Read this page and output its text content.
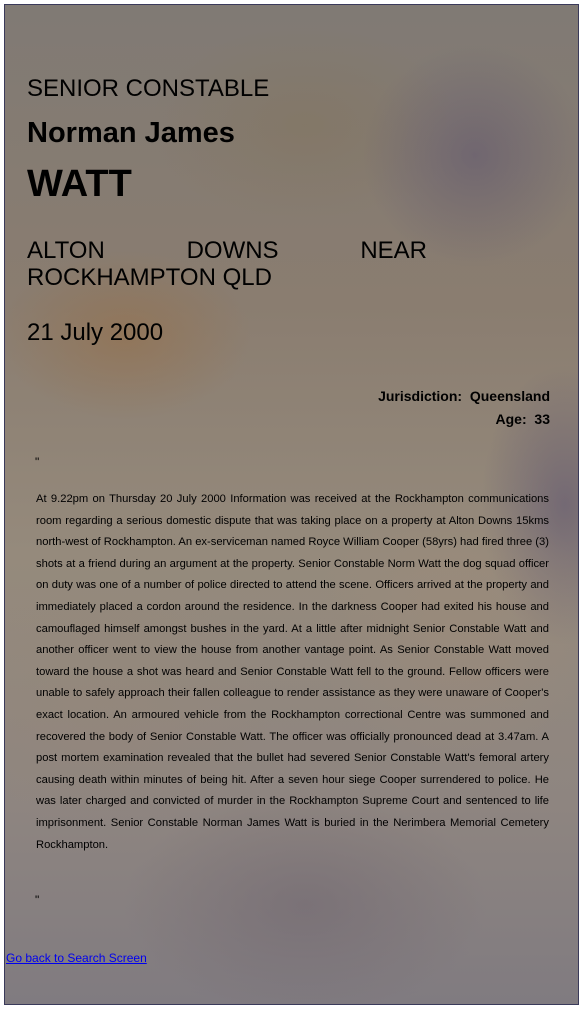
SENIOR CONSTABLE
Norman James
WATT

ALTON DOWNS NEAR ROCKHAMPTON QLD

21 July 2000

Jurisdiction: Queensland
Age: 33
"

At 9.22pm on Thursday 20 July 2000 Information was received at the Rockhampton communications room regarding a serious domestic dispute that was taking place on a property at Alton Downs 15kms north-west of Rockhampton. An ex-serviceman named Royce William Cooper (58yrs) had fired three (3) shots at a friend during an argument at the property. Senior Constable Norm Watt the dog squad officer on duty was one of a number of police directed to attend the scene. Officers arrived at the property and immediately placed a cordon around the residence. In the darkness Cooper had exited his house and camouflaged himself amongst bushes in the yard. At a little after midnight Senior Constable Watt and another officer went to view the house from another vantage point. As Senior Constable Watt moved toward the house a shot was heard and Senior Constable Watt fell to the ground. Fellow officers were unable to safely approach their fallen colleague to render assistance as they were unaware of Cooper's exact location. An armoured vehicle from the Rockhampton correctional Centre was summoned and recovered the body of Senior Constable Watt. The officer was officially pronounced dead at 3.47am. A post mortem examination revealed that the bullet had severed Senior Constable Watt's femoral artery causing death within minutes of being hit. After a seven hour siege Cooper surrendered to police. He was later charged and convicted of murder in the Rockhampton Supreme Court and sentenced to life imprisonment. Senior Constable Norman James Watt is buried in the Nerimbera Memorial Cemetery Rockhampton.

"
Go back to Search Screen
